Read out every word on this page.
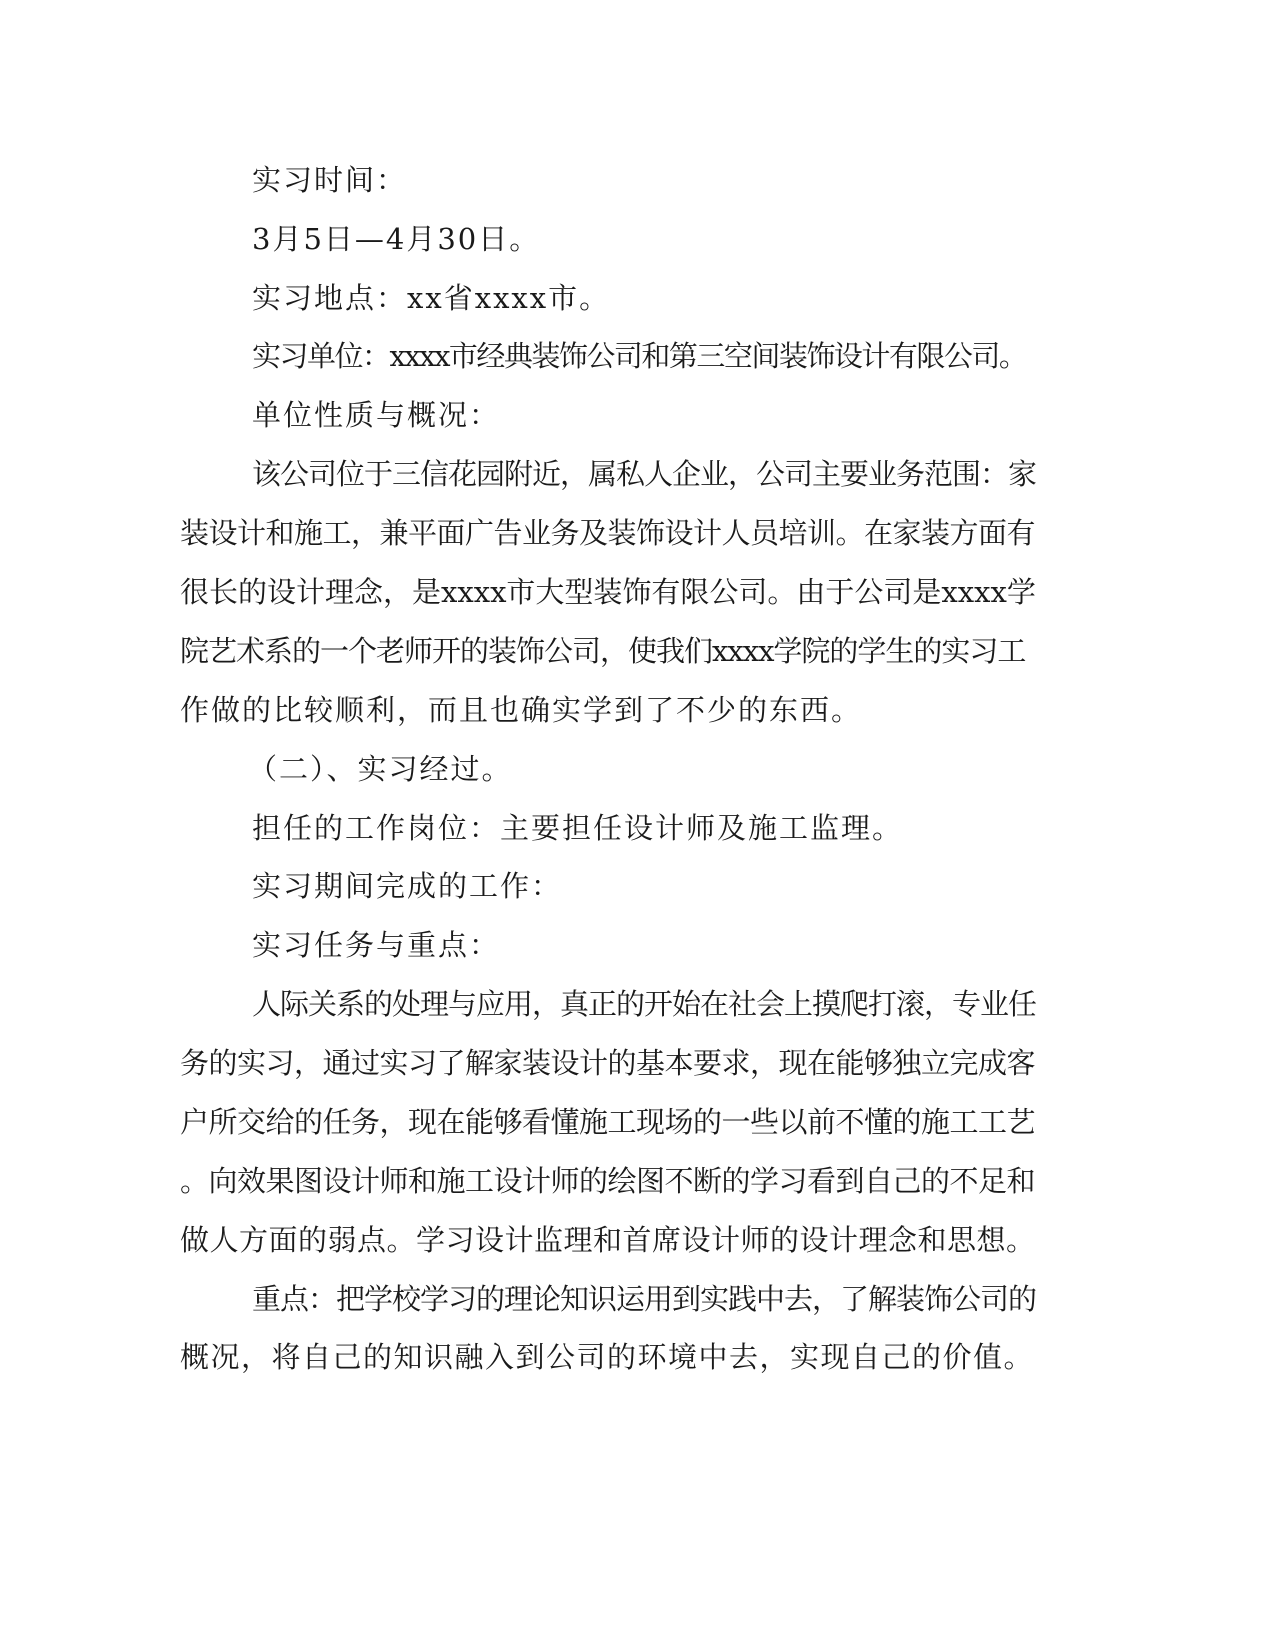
实习时间：
3月5日—4月30日。
实习地点：xx省xxxx市。
实习单位：xxxx市经典装饰公司和第三空间装饰设计有限公司。
单位性质与概况：
该公司位于三信花园附近，属私人企业，公司主要业务范围：家
装设计和施工，兼平面广告业务及装饰设计人员培训。在家装方面有
很长的设计理念，是xxxx市大型装饰有限公司。由于公司是xxxx学
院艺术系的一个老师开的装饰公司，使我们xxxx学院的学生的实习工
作做的比较顺利，而且也确实学到了不少的东西。
（二）、实习经过。
担任的工作岗位：主要担任设计师及施工监理。
实习期间完成的工作：
实习任务与重点：
人际关系的处理与应用，真正的开始在社会上摸爬打滚，专业任
务的实习，通过实习了解家装设计的基本要求，现在能够独立完成客
户所交给的任务，现在能够看懂施工现场的一些以前不懂的施工工艺
。向效果图设计师和施工设计师的绘图不断的学习看到自己的不足和
做人方面的弱点。学习设计监理和首席设计师的设计理念和思想。
重点：把学校学习的理论知识运用到实践中去，了解装饰公司的
概况，将自己的知识融入到公司的环境中去，实现自己的价值。
